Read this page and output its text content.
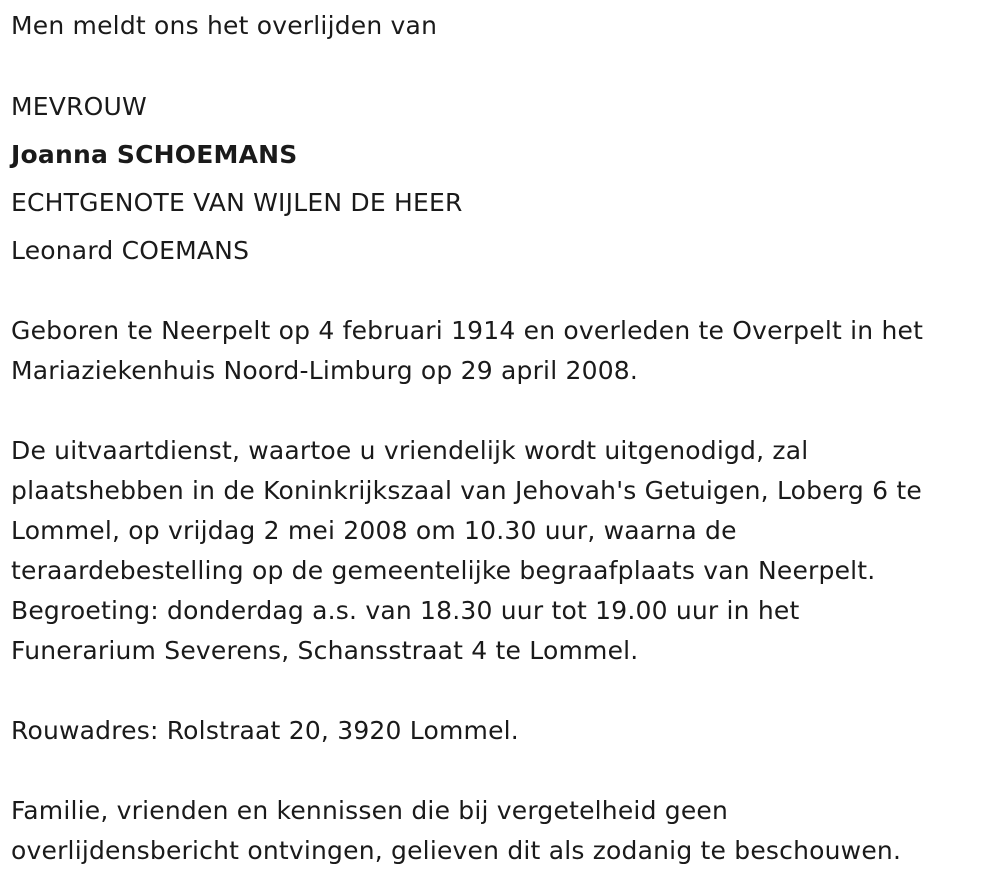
Men meldt ons het overlijden van
MEVROUW
Joanna SCHOEMANS
ECHTGENOTE VAN WIJLEN DE HEER
Leonard COEMANS
Geboren te Neerpelt op 4 februari 1914 en overleden te Overpelt in het
Mariaziekenhuis Noord-Limburg op 29 april 2008.
De uitvaartdienst, waartoe u vriendelijk wordt uitgenodigd, zal
plaatshebben in de Koninkrijkszaal van Jehovah's Getuigen, Loberg 6 te
Lommel, op vrijdag 2 mei 2008 om 10.30 uur, waarna de
teraardebestelling op de gemeentelijke begraafplaats van Neerpelt.
Begroeting: donderdag a.s. van 18.30 uur tot 19.00 uur in het
Funerarium Severens, Schansstraat 4 te Lommel.
Rouwadres: Rolstraat 20, 3920 Lommel.
Familie, vrienden en kennissen die bij vergetelheid geen
overlijdensbericht ontvingen, gelieven dit als zodanig te beschouwen.
